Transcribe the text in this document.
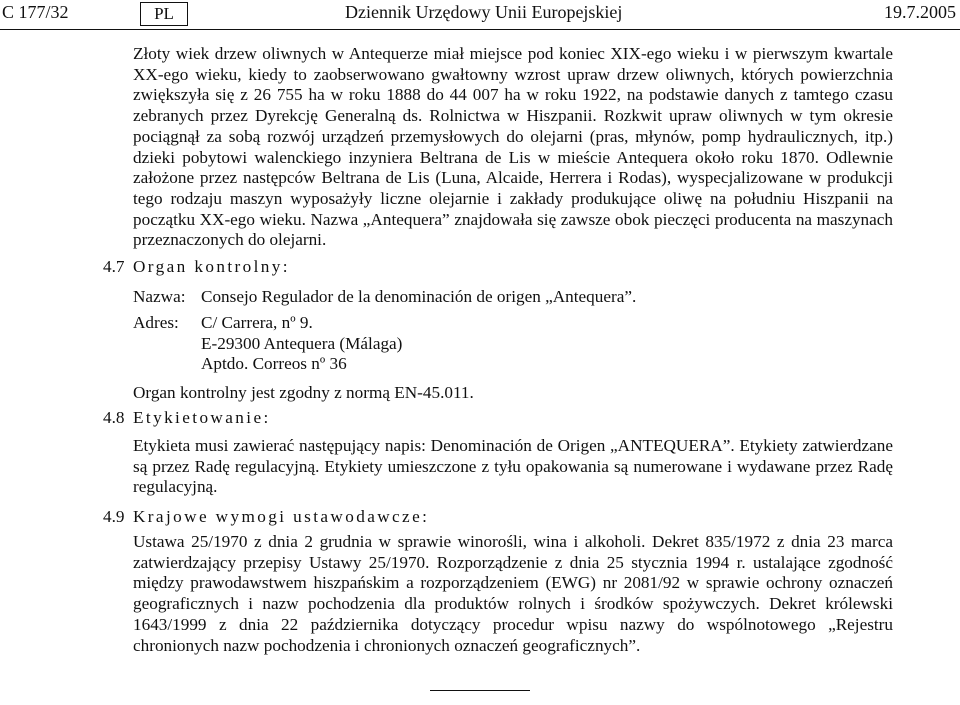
C 177/32	PL	Dziennik Urzędowy Unii Europejskiej	19.7.2005

Złoty wiek drzew oliwnych w Antequerze miał miejsce pod koniec XIX-ego wieku i w pierwszym kwartale XX-ego wieku, kiedy to zaobserwowano gwałtowny wzrost upraw drzew oliwnych, których powierzchnia zwiększyła się z 26 755 ha w roku 1888 do 44 007 ha w roku 1922, na podstawie danych z tamtego czasu zebranych przez Dyrekcję Generalną ds. Rolnictwa w Hiszpanii. Rozkwit upraw oliwnych w tym okresie pociągnął za sobą rozwój urządzeń przemysłowych do olejarni (pras, młynów, pomp hydraulicznych, itp.) dzieki pobytowi walenckiego inzyniera Beltrana de Lis w mieście Antequera około roku 1870. Odlewnie założone przez następców Beltrana de Lis (Luna, Alcaide, Herrera i Rodas), wyspecjalizowane w produkcji tego rodzaju maszyn wyposażyły liczne olejarnie i zakłady produkujące oliwę na południu Hiszpanii na początku XX-ego wieku. Nazwa „Antequera” znajdowała się zawsze obok pieczęci producenta na maszynach przeznaczonych do olejarni.

4.7 Organ kontrolny:
Nazwa: Consejo Regulador de la denominación de origen „Antequera”.
Adres: C/ Carrera, nº 9.
E-29300 Antequera (Málaga)
Aptdo. Correos nº 36
Organ kontrolny jest zgodny z normą EN-45.011.
4.8 Etykietowanie:

Etykieta musi zawierać następujący napis: Denominación de Origen „ANTEQUERA”. Etykiety zatwierdzane są przez Radę regulacyjną. Etykiety umieszczone z tyłu opakowania są numerowane i wydawane przez Radę regulacyjną.

4.9 Krajowe wymogi ustawodawcze:

Ustawa 25/1970 z dnia 2 grudnia w sprawie winorośli, wina i alkoholi. Dekret 835/1972 z dnia 23 marca zatwierdzający przepisy Ustawy 25/1970. Rozporządzenie z dnia 25 stycznia 1994 r. ustalające zgodność między prawodawstwem hiszpańskim a rozporządzeniem (EWG) nr 2081/92 w sprawie ochrony oznaczeń geograficznych i nazw pochodzenia dla produktów rolnych i środków spożywczych. Dekret królewski 1643/1999 z dnia 22 października dotyczący procedur wpisu nazwy do wspólnotowego „Rejestru chronionych nazw pochodzenia i chronionych oznaczeń geograficznych”.
